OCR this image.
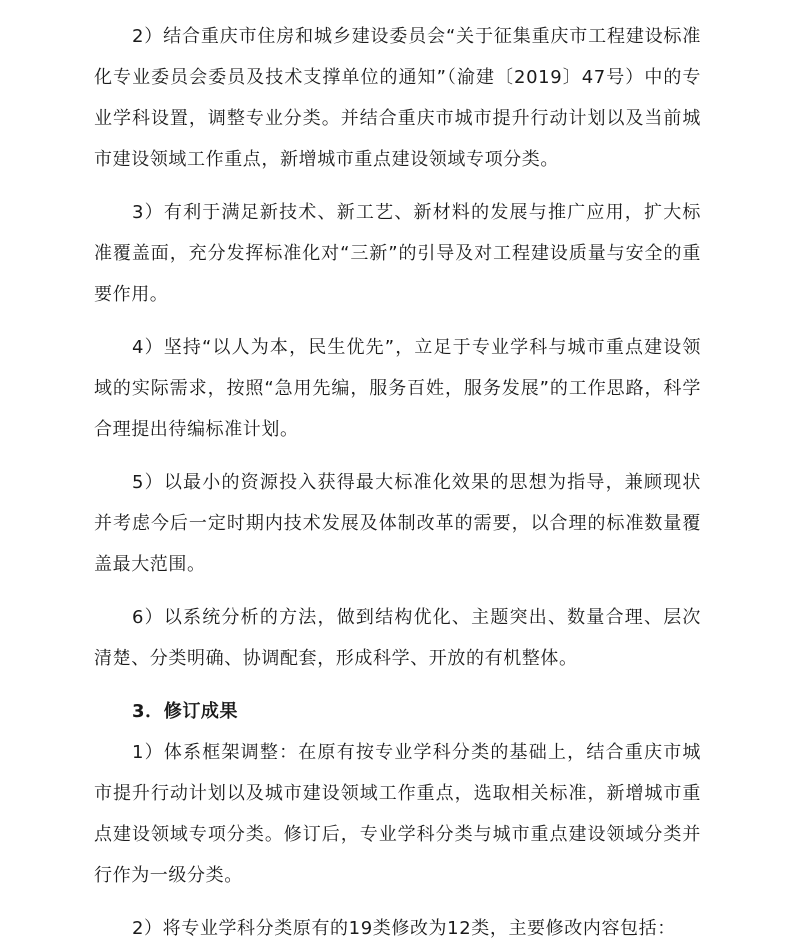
2）结合重庆市住房和城乡建设委员会“关于征集重庆市工程建设标准化专业委员会委员及技术支撑单位的通知”（渝建〔2019〕47号）中的专业学科设置，调整专业分类。并结合重庆市城市提升行动计划以及当前城市建设领域工作重点，新增城市重点建设领域专项分类。

3）有利于满足新技术、新工艺、新材料的发展与推广应用，扩大标准覆盖面，充分发挥标准化对“三新”的引导及对工程建设质量与安全的重要作用。

4）坚持“以人为本，民生优先”，立足于专业学科与城市重点建设领域的实际需求，按照“急用先编，服务百姓，服务发展”的工作思路，科学合理提出待编标准计划。

5）以最小的资源投入获得最大标准化效果的思想为指导，兼顾现状并考虑今后一定时期内技术发展及体制改革的需要，以合理的标准数量覆盖最大范围。

6）以系统分析的方法，做到结构优化、主题突出、数量合理、层次清楚、分类明确、协调配套，形成科学、开放的有机整体。

3．修订成果

1）体系框架调整：在原有按专业学科分类的基础上，结合重庆市城市提升行动计划以及城市建设领域工作重点，选取相关标准，新增城市重点建设领域专项分类。修订后，专业学科分类与城市重点建设领域分类并行作为一级分类。

2）将专业学科分类原有的19类修改为12类，主要修改内容包括：
